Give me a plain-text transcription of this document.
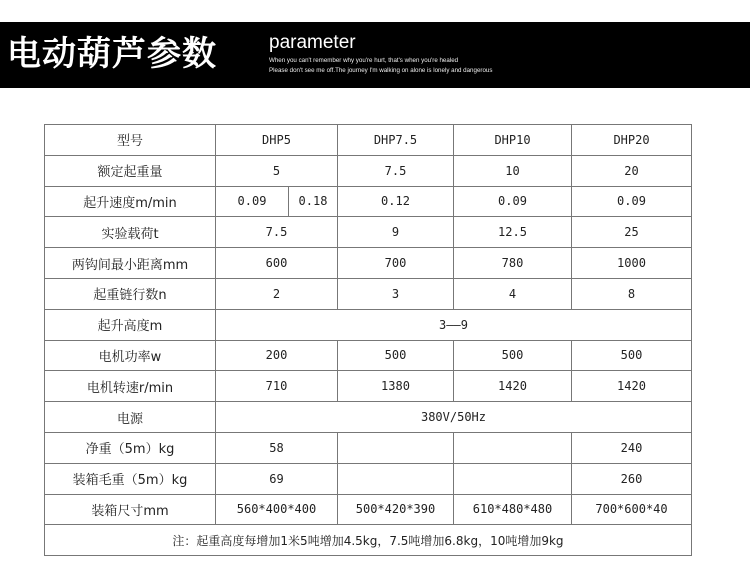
电动葫芦参数	parameter
When you can't remember why you're hurt, that's when you're healed
Please don't see me off.The journey I'm walking on alone is lonely and dangerous
型号	DHP5		DHP7.5	DHP10	DHP20
额定起重量	5		7.5	10	20
起升速度m/min	0.09	0.18	0.12	0.09	0.09
实验载荷t	7.5		9	12.5	25
两钩间最小距离mm	600		700	780	1000
起重链行数n	2		3	4	8
起升高度m	3——9				
电机功率w	200		500	500	500
电机转速r/min	710		1380	1420	1420
电源	380V/50Hz				
净重（5m）kg	58				240
装箱毛重（5m）kg	69				260
装箱尺寸mm	560*400*400		500*420*390	610*480*480	700*600*40
注：起重高度每增加1米5吨增加4.5kg，7.5吨增加6.8kg，10吨增加9kg					
